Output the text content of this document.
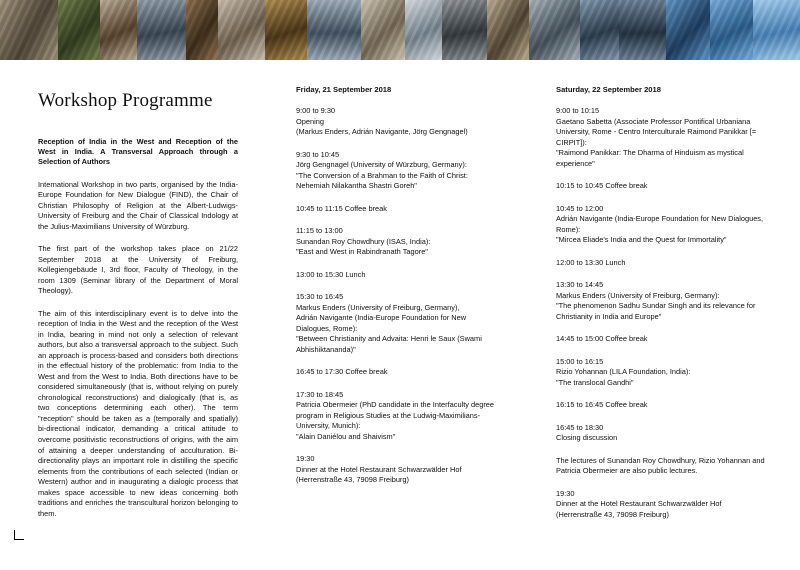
Workshop Programme
Reception of India in the West and Reception of the West in India. A Transversal Approach through a Selection of Authors
International Workshop in two parts, organised by the India-Europe Foundation for New Dialogue (FIND), the Chair of Christian Philosophy of Religion at the Albert-Ludwigs-University of Freiburg and the Chair of Classical Indology at the Julius-Maximilians University of Würzburg.
The first part of the workshop takes place on 21/22 September 2018 at the University of Freiburg, Kollegiengebäude I, 3rd floor, Faculty of Theology, in the room 1309 (Seminar library of the Department of Moral Theology).
The aim of this interdisciplinary event is to delve into the reception of India in the West and the reception of the West in India, bearing in mind not only a selection of relevant authors, but also a transversal approach to the subject. Such an approach is process-based and considers both directions in the effectual history of the problematic: from India to the West and from the West to India. Both directions have to be considered simultaneously (that is, without relying on purely chronological reconstructions) and dialogically (that is, as two conceptions determining each other). The term "reception" should be taken as a (temporally and spatially) bi-directional indicator, demanding a critical attitude to overcome positivistic reconstructions of origins, with the aim of attaining a deeper understanding of acculturation. Bi-directionality plays an important role in distilling the specific elements from the contributions of each selected (Indian or Western) author and in inaugurating a dialogic process that makes space accessible to new ideas concerning both traditions and enriches the transcultural horizon belonging to them.
Friday, 21 September 2018
9:00 to 9:30
Opening
(Markus Enders, Adrián Navigante, Jörg Gengnagel)
9:30 to 10:45
Jörg Gengnagel (University of Würzburg, Germany):
"The Conversion of a Brahman to the Faith of Christ: Nehemiah Nilakantha Shastri Goreh"
10:45 to 11:15 Coffee break
11:15 to 13:00
Sunandan Roy Chowdhury (ISAS, India):
"East and West in Rabindranath Tagore"
13:00 to 15:30 Lunch
15:30 to 16:45
Markus Enders (University of Freiburg, Germany),
Adrián Navigante (India-Europe Foundation for New Dialogues, Rome):
"Between Christianity and Advaita: Henri le Saux (Swami Abhishiktananda)"
16:45 to 17:30 Coffee break
17:30 to 18:45
Patricia Obermeier (PhD candidate in the Interfaculty degree program in Religious Studies at the Ludwig-Maximilians-University, Munich):
"Alain Daniélou and Shaivism"
19:30
Dinner at the Hotel Restaurant Schwarzwälder Hof (Herrenstraße 43, 79098 Freiburg)
Saturday, 22 September 2018
9:00 to 10:15
Gaetano Sabetta (Associate Professor Pontifical Urbaniana University, Rome - Centro Interculturale Raimond Panikkar [= CIRPIT]):
"Raimond Panikkar: The Dharma of Hinduism as mystical experience"
10:15 to 10:45 Coffee break
10:45 to 12:00
Adrián Navigante (India-Europe Foundation for New Dialogues, Rome):
"Mircea Eliade's India and the Quest for Immortality"
12:00 to 13:30 Lunch
13:30 to 14:45
Markus Enders (University of Freiburg, Germany):
"The phenomenon Sadhu Sundar Singh and its relevance for Christianity in India and Europe"
14:45 to 15:00 Coffee break
15:00 to 16:15
Rizio Yohannan (LILA Foundation, India):
"The translocal Gandhi"
16:15 to 16:45 Coffee break
16:45 to 18:30
Closing discussion
The lectures of Sunandan Roy Chowdhury, Rizio Yohannan and Patricia Obermeier are also public lectures.
19:30
Dinner at the Hotel Restaurant Schwarzwälder Hof (Herrenstraße 43, 79098 Freiburg)
